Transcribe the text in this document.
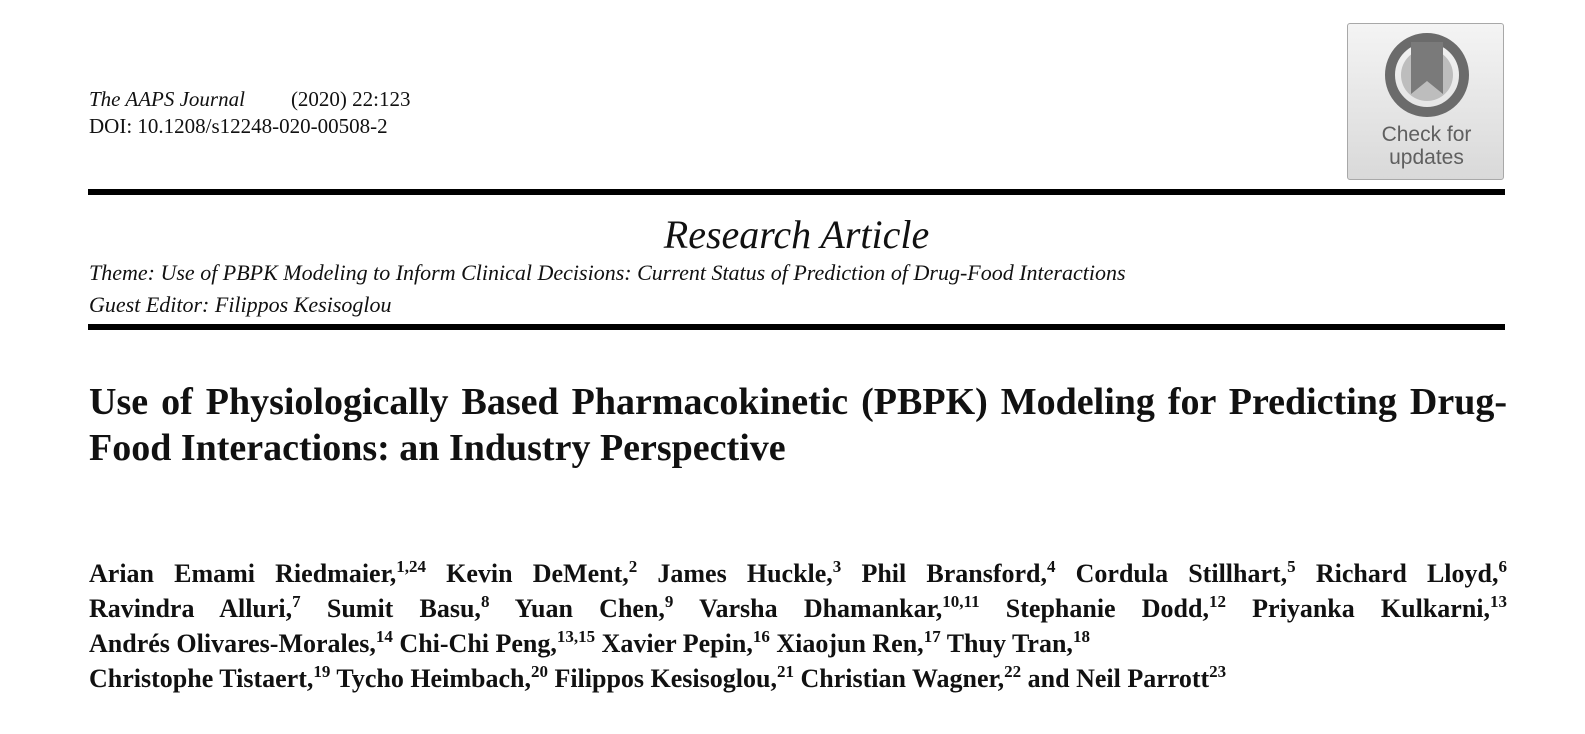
The AAPS Journal (2020) 22:123
DOI: 10.1208/s12248-020-00508-2	Check for
updates
Research Article
Theme: Use of PBPK Modeling to Inform Clinical Decisions: Current Status of Prediction of Drug-Food Interactions
Guest Editor: Filippos Kesisoglou
Use of Physiologically Based Pharmacokinetic (PBPK) Modeling for Predicting Drug-Food Interactions: an Industry Perspective
Arian Emami Riedmaier,$^{1,24}$ Kevin DeMent,$^2$ James Huckle,$^3$ Phil Bransford,$^4$ Cordula Stillhart,$^5$ Richard Lloyd,$^6$
Ravindra Alluri,$^7$ Sumit Basu,$^8$ Yuan Chen,$^9$ Varsha Dhamankar,$^{10,11}$ Stephanie Dodd,$^{12}$ Priyanka Kulkarni,$^{13}$
Andrés Olivares-Morales,$^{14}$ Chi-Chi Peng,$^{13,15}$ Xavier Pepin,$^{16}$ Xiaojun Ren,$^{17}$ Thuy Tran,$^{18}$
Christophe Tistaert,$^{19}$ Tycho Heimbach,$^{20}$ Filippos Kesisoglou,$^{21}$ Christian Wagner,$^{22}$ and Neil Parrott$^{23}$
